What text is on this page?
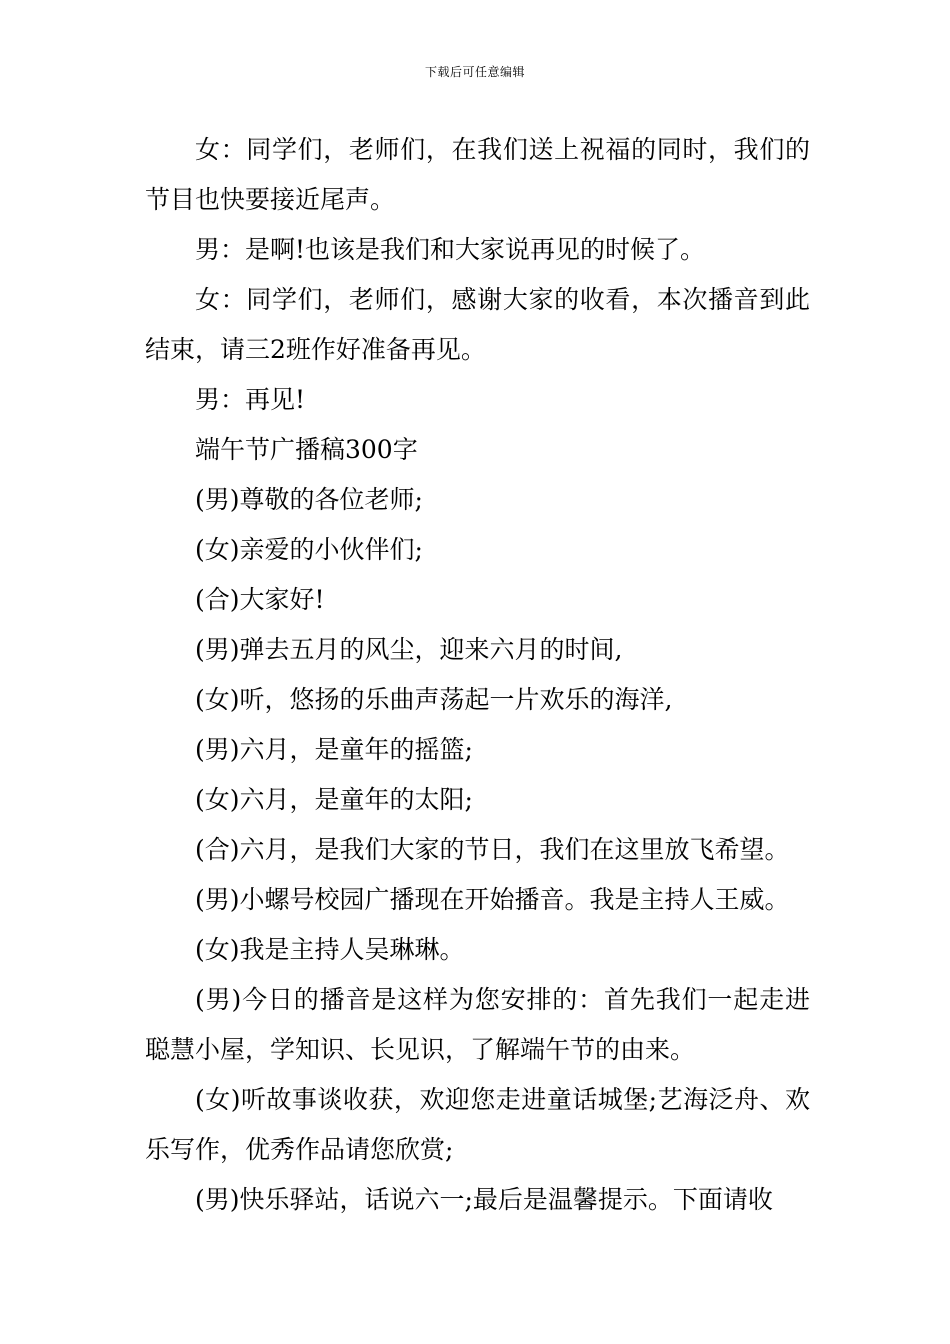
下载后可任意编辑

女：同学们，老师们，在我们送上祝福的同时，我们的节目也快要接近尾声。

男：是啊!也该是我们和大家说再见的时候了。

女：同学们，老师们，感谢大家的收看，本次播音到此结束，请三2班作好准备再见。

男：再见!

端午节广播稿300字

(男)尊敬的各位老师;

(女)亲爱的小伙伴们;

(合)大家好!

(男)弹去五月的风尘，迎来六月的时间,

(女)听，悠扬的乐曲声荡起一片欢乐的海洋,

(男)六月，是童年的摇篮;

(女)六月，是童年的太阳;

(合)六月，是我们大家的节日，我们在这里放飞希望。

(男)小螺号校园广播现在开始播音。我是主持人王威。

(女)我是主持人吴琳琳。

(男)今日的播音是这样为您安排的：首先我们一起走进聪慧小屋，学知识、长见识，了解端午节的由来。

(女)听故事谈收获，欢迎您走进童话城堡;艺海泛舟、欢乐写作，优秀作品请您欣赏;

(男)快乐驿站，话说六一;最后是温馨提示。下面请收
